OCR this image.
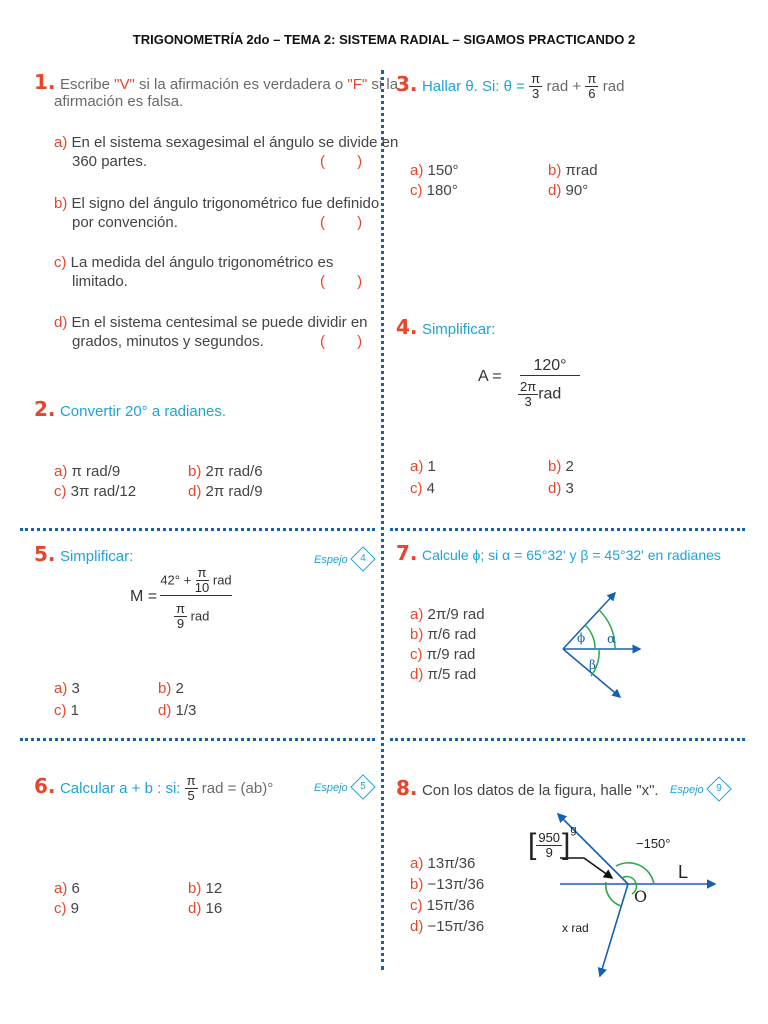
TRIGONOMETRÍA 2do – TEMA 2: SISTEMA RADIAL – SIGAMOS PRACTICANDO 2
1. Escribe "V" si la afirmación es verdadera o "F" si la
afirmación es falsa.
a) En el sistema sexagesimal el ángulo se divide en
360 partes.	( )
b) El signo del ángulo trigonométrico fue definido
por convención.	( )
c) La medida del ángulo trigonométrico es
limitado.	( )
d) En el sistema centesimal se puede dividir en
grados, minutos y segundos.	( )
2. Convertir 20° a radianes.
a) π rad/9	b) 2π rad/6
c) 3π rad/12	d) 2π rad/9
3. Hallar θ. Si: $\theta = \frac{\pi}{3}$ rad + $\frac{\pi}{6}$ rad
a) 150°	b) πrad
c) 180°	d) 90°
4. Simplificar:
A =
120°
$\frac{2\pi}{3}$ rad
a) 1	b) 2
c) 4	d) 3
5. Simplificar:	Espejo	4
M =
$42^\circ + \frac{\pi}{10}$ rad
$\frac{\pi}{9}$ rad
a) 3	b) 2
c) 1	d) 1/3
6. Calcular a + b : si: $\frac{\pi}{5}$ rad = (ab)°	Espejo	5
a) 6	b) 12
c) 9	d) 16
7. Calcule ϕ; si α = 65°32' y β = 45°32' en radianes
a) 2π/9 rad
b) π/6 rad
c) π/9 rad
d) π/5 rad
ϕ α
β
8. Con los datos de la figura, halle "x". Espejo	9
a) 13π/36
b) −13π/36
c) 15π/36
d) −15π/36
−150°
L
O
x rad
[ $\frac{950}{9} ]^g$
